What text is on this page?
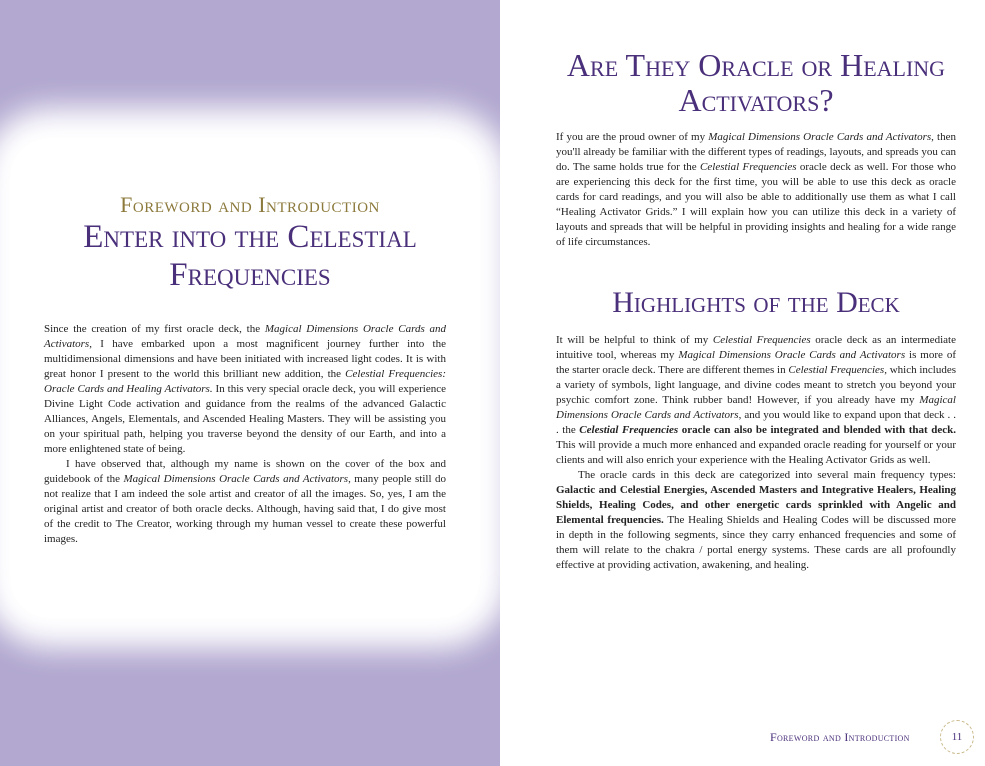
Foreword and Introduction
Enter into the Celestial Frequencies

Since the creation of my first oracle deck, the Magical Dimensions Oracle Cards and Activators, I have embarked upon a most magnificent journey further into the multidimensional dimensions and have been initiated with increased light codes. It is with great honor I present to the world this brilliant new addition, the Celestial Frequencies: Oracle Cards and Healing Activators. In this very special oracle deck, you will experience Divine Light Code activation and guidance from the realms of the advanced Galactic Alliances, Angels, Elementals, and Ascended Healing Masters. They will be assisting you on your spiritual path, helping you traverse beyond the density of our Earth, and into a more enlightened state of being.

I have observed that, although my name is shown on the cover of the box and guidebook of the Magical Dimensions Oracle Cards and Activators, many people still do not realize that I am indeed the sole artist and creator of all the images. So, yes, I am the original artist and creator of both oracle decks. Although, having said that, I do give most of the credit to The Creator, working through my human vessel to create these powerful images.

Are They Oracle or Healing Activators?

If you are the proud owner of my Magical Dimensions Oracle Cards and Activators, then you'll already be familiar with the different types of readings, layouts, and spreads you can do. The same holds true for the Celestial Frequencies oracle deck as well. For those who are experiencing this deck for the first time, you will be able to use this deck as oracle cards for card readings, and you will also be able to additionally use them as what I call “Healing Activator Grids.” I will explain how you can utilize this deck in a variety of layouts and spreads that will be helpful in providing insights and healing for a wide range of life circumstances.

Highlights of the Deck

It will be helpful to think of my Celestial Frequencies oracle deck as an intermediate intuitive tool, whereas my Magical Dimensions Oracle Cards and Activators is more of the starter oracle deck. There are different themes in Celestial Frequencies, which includes a variety of symbols, light language, and divine codes meant to stretch you beyond your psychic comfort zone. Think rubber band! However, if you already have my Magical Dimensions Oracle Cards and Activators, and you would like to expand upon that deck . . . the Celestial Frequencies oracle can also be integrated and blended with that deck. This will provide a much more enhanced and expanded oracle reading for yourself or your clients and will also enrich your experience with the Healing Activator Grids as well.

The oracle cards in this deck are categorized into several main frequency types: Galactic and Celestial Energies, Ascended Masters and Integrative Healers, Healing Shields, Healing Codes, and other energetic cards sprinkled with Angelic and Elemental frequencies. The Healing Shields and Healing Codes will be discussed more in depth in the following segments, since they carry enhanced frequencies and some of them will relate to the chakra / portal energy systems. These cards are all profoundly effective at providing activation, awakening, and healing.

Foreword and Introduction	11
